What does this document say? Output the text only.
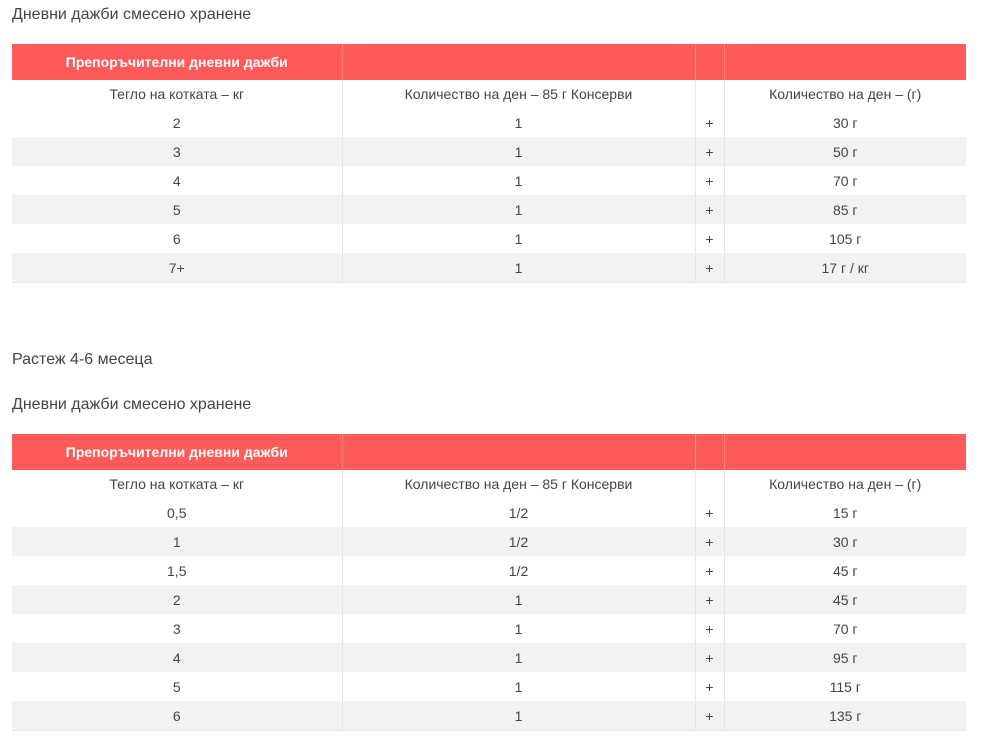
Дневни дажби смесено хранене

Препоръчителни дневни дажби			
Тегло на котката – кг	Количество на ден – 85 г Консерви		Количество на ден – (г)
2	1	+	30 г
3	1	+	50 г
4	1	+	70 г
5	1	+	85 г
6	1	+	105 г
7+	1	+	17 г / кг

Растеж 4-6 месеца

Дневни дажби смесено хранене

Препоръчителни дневни дажби			
Тегло на котката – кг	Количество на ден – 85 г Консерви		Количество на ден – (г)
0,5	1/2	+	15 г
1	1/2	+	30 г
1,5	1/2	+	45 г
2	1	+	45 г
3	1	+	70 г
4	1	+	95 г
5	1	+	115 г
6	1	+	135 г
